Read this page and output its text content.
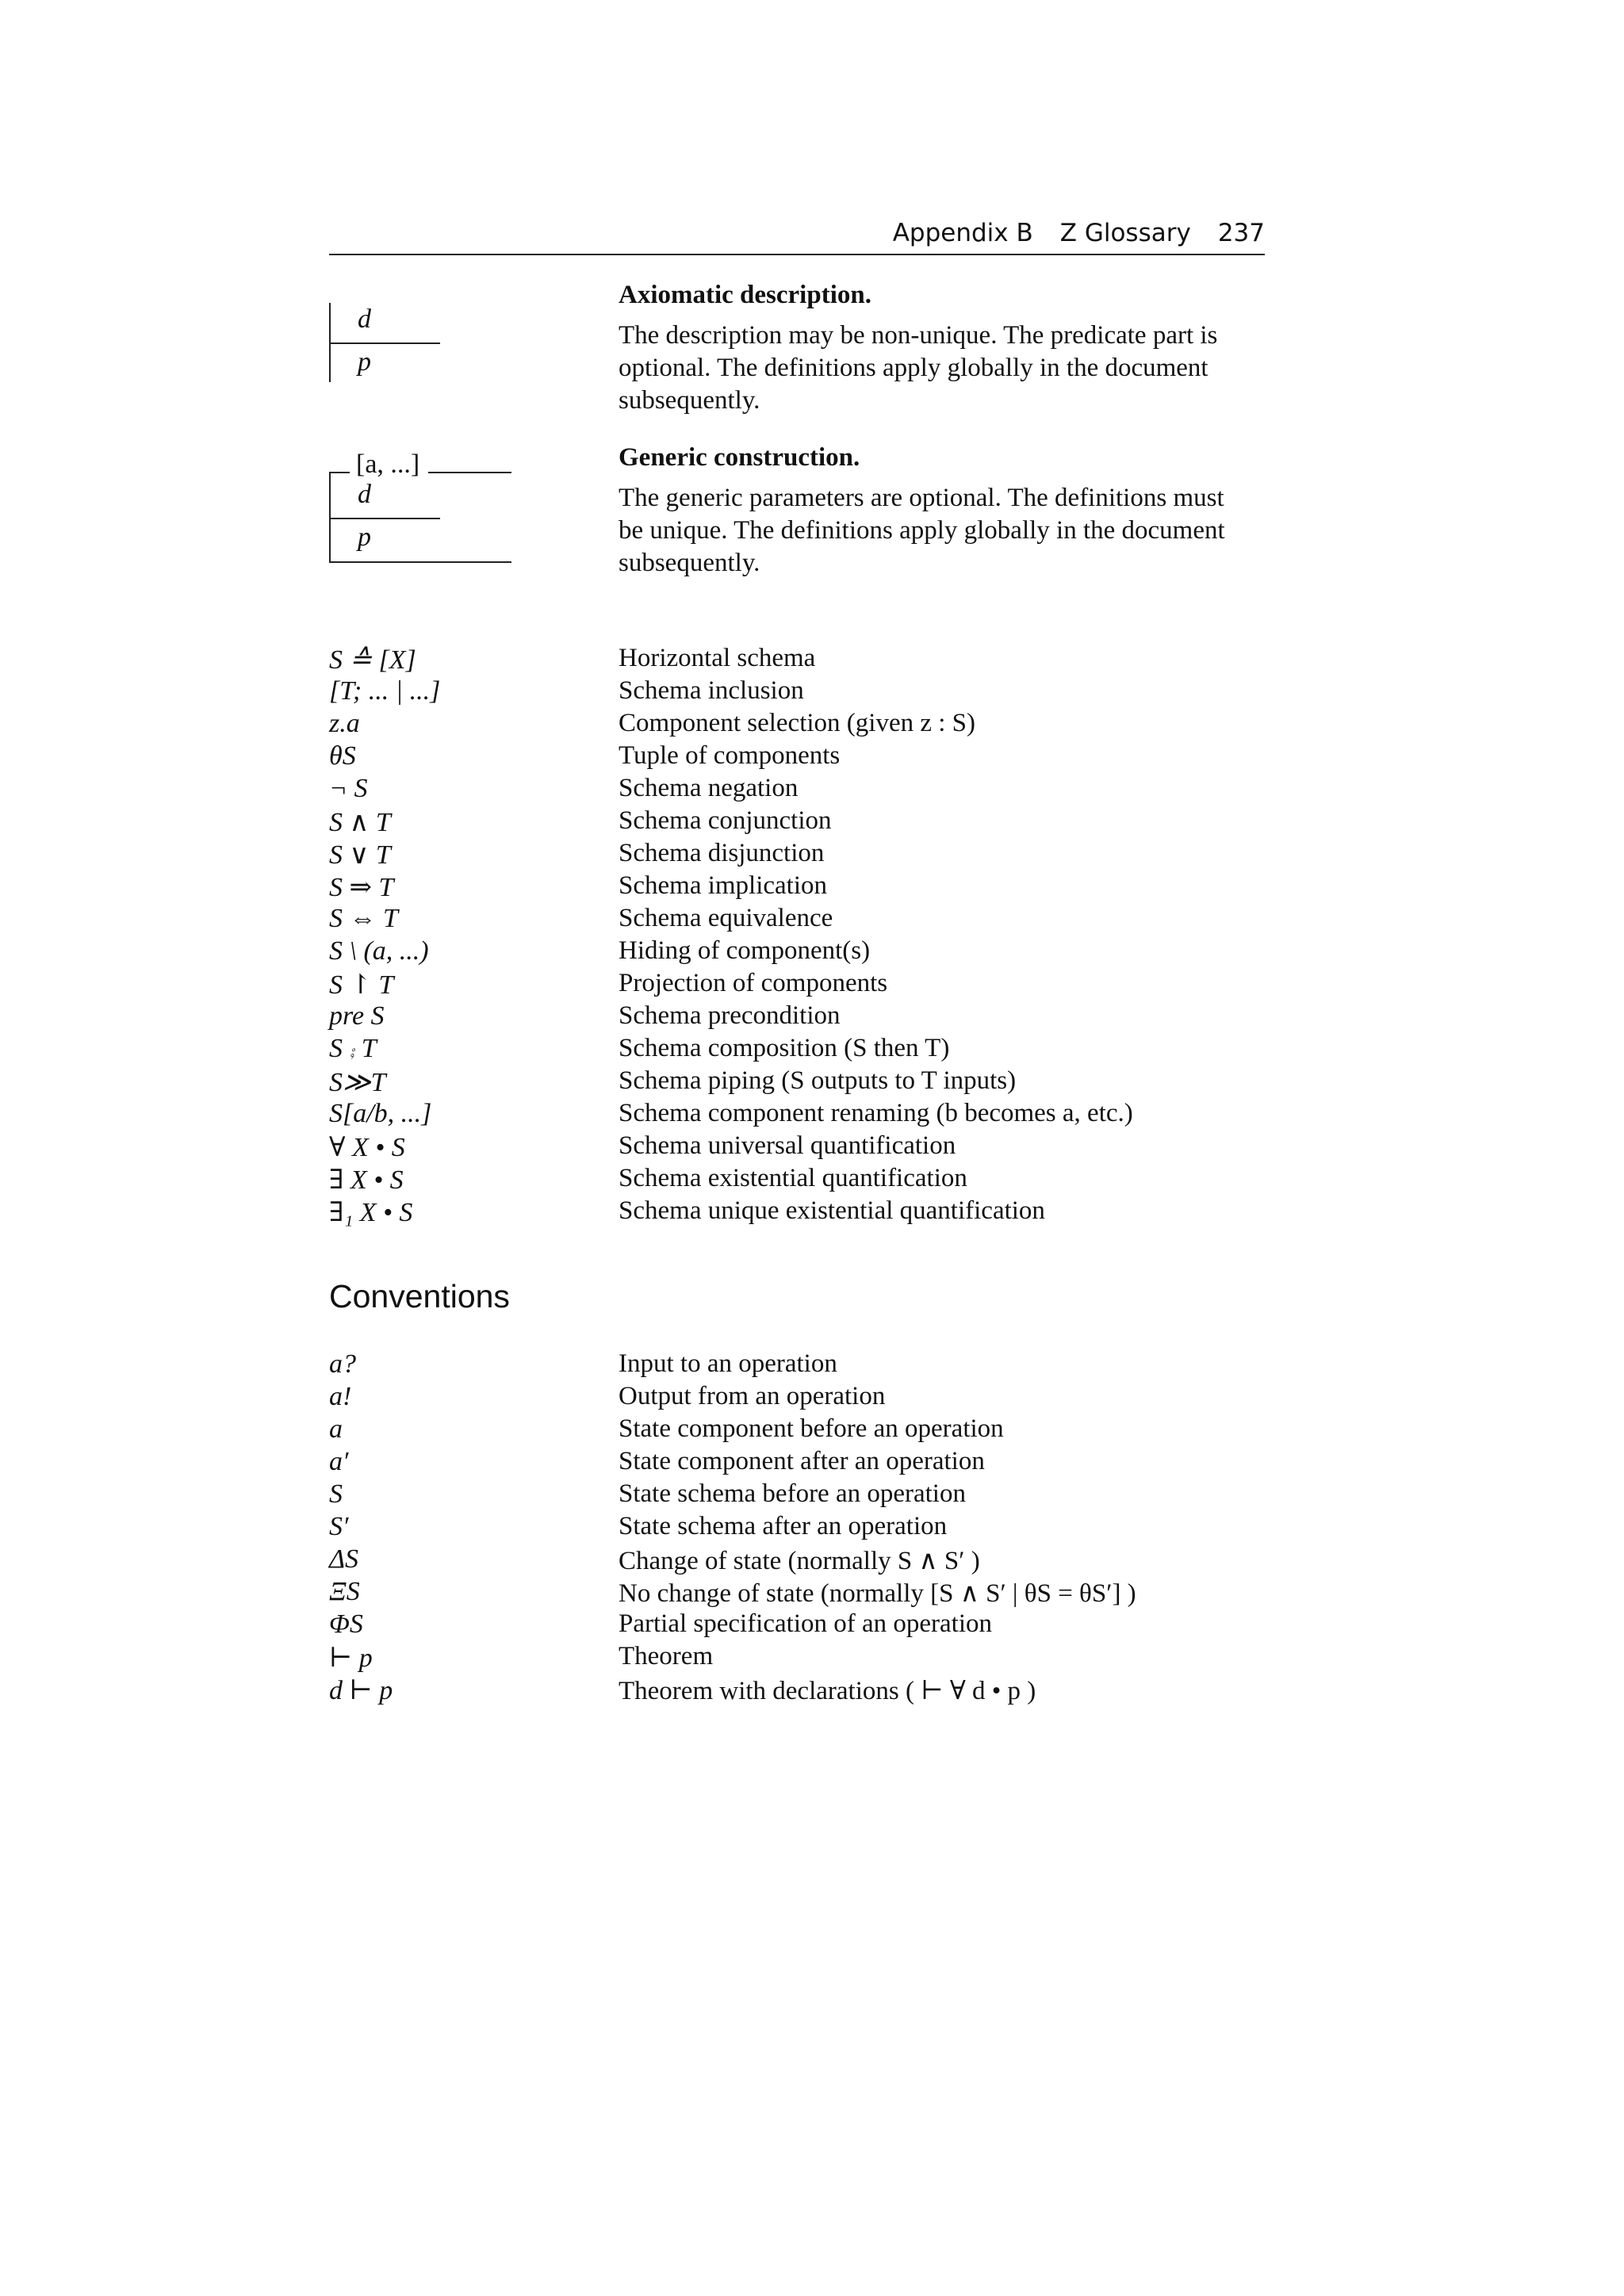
Appendix B Z Glossary 237
d
p
Axiomatic description.
The description may be non-unique. The predicate part is optional. The definitions apply globally in the document subsequently.
[a, ...]
d
p
Generic construction.
The generic parameters are optional. The definitions must be unique. The definitions apply globally in the document subsequently.
S ≙ [X]	Horizontal schema
[T; ... | ...]	Schema inclusion
z.a	Component selection (given z : S)
θS	Tuple of components
¬ S	Schema negation
S ∧ T	Schema conjunction
S ∨ T	Schema disjunction
S ⇒ T	Schema implication
S ⇔ T	Schema equivalence
S \ (a, ...)	Hiding of component(s)
S ↾ T	Projection of components
pre S	Schema precondition
S ⨾ T	Schema composition (S then T)
S≫T	Schema piping (S outputs to T inputs)
S[a/b, ...]	Schema component renaming (b becomes a, etc.)
∀ X • S	Schema universal quantification
∃ X • S	Schema existential quantification
∃₁ X • S	Schema unique existential quantification
Conventions
a?	Input to an operation
a!	Output from an operation
a	State component before an operation
a′	State component after an operation
S	State schema before an operation
S′	State schema after an operation
ΔS	Change of state (normally S ∧ S′ )
ΞS	No change of state (normally [S ∧ S′ | θS = θS′] )
ΦS	Partial specification of an operation
⊢ p	Theorem
d ⊢ p	Theorem with declarations ( ⊢ ∀ d • p )
